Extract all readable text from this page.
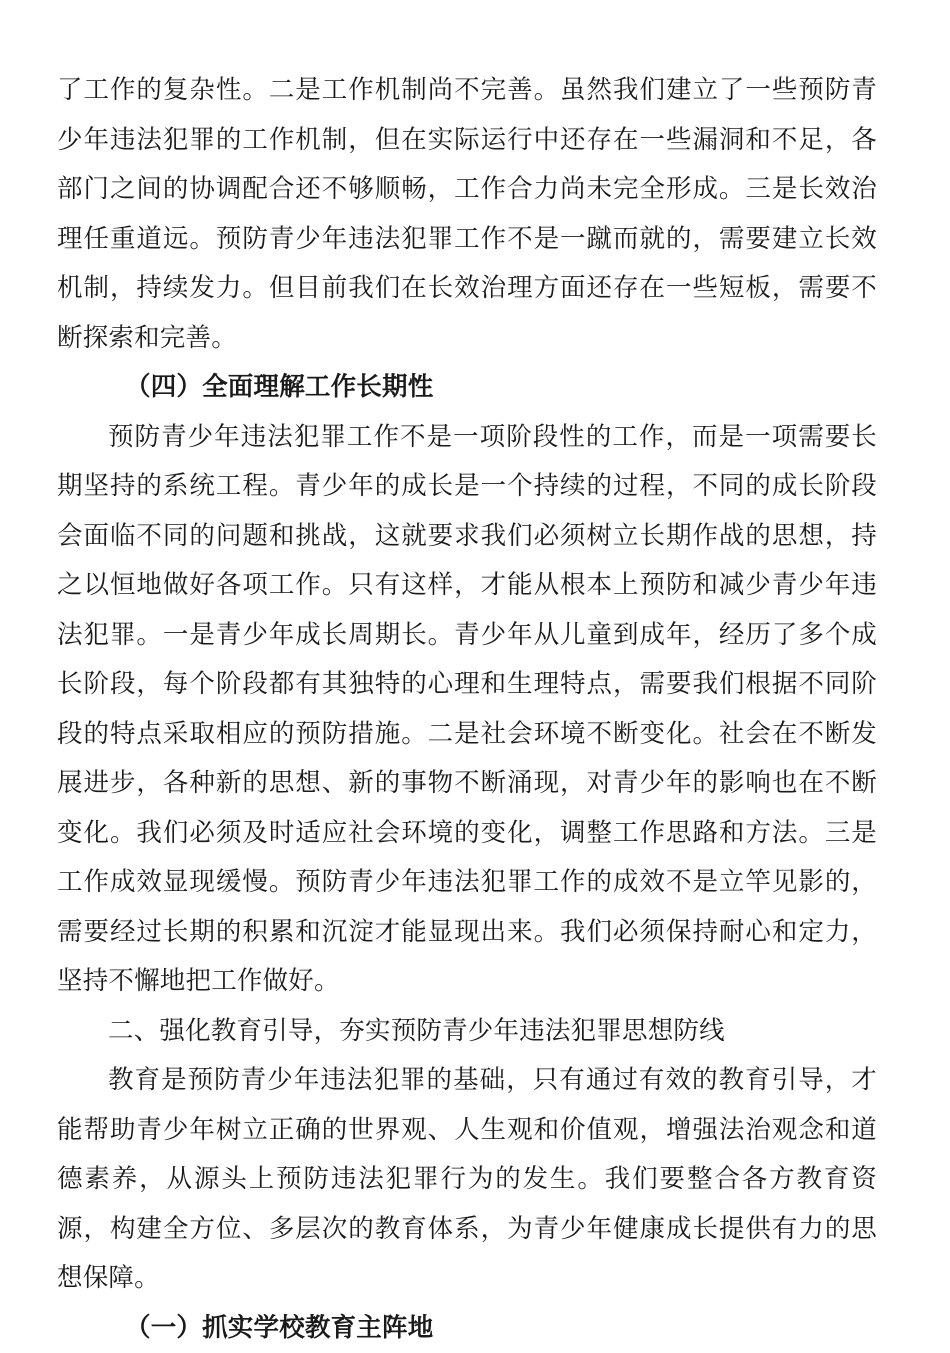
了工作的复杂性。二是工作机制尚不完善。虽然我们建立了一些预防青少年违法犯罪的工作机制，但在实际运行中还存在一些漏洞和不足，各部门之间的协调配合还不够顺畅，工作合力尚未完全形成。三是长效治理任重道远。预防青少年违法犯罪工作不是一蹴而就的，需要建立长效机制，持续发力。但目前我们在长效治理方面还存在一些短板，需要不断探索和完善。

（四）全面理解工作长期性

预防青少年违法犯罪工作不是一项阶段性的工作，而是一项需要长期坚持的系统工程。青少年的成长是一个持续的过程，不同的成长阶段会面临不同的问题和挑战，这就要求我们必须树立长期作战的思想，持之以恒地做好各项工作。只有这样，才能从根本上预防和减少青少年违法犯罪。一是青少年成长周期长。青少年从儿童到成年，经历了多个成长阶段，每个阶段都有其独特的心理和生理特点，需要我们根据不同阶段的特点采取相应的预防措施。二是社会环境不断变化。社会在不断发展进步，各种新的思想、新的事物不断涌现，对青少年的影响也在不断变化。我们必须及时适应社会环境的变化，调整工作思路和方法。三是工作成效显现缓慢。预防青少年违法犯罪工作的成效不是立竿见影的，需要经过长期的积累和沉淀才能显现出来。我们必须保持耐心和定力，坚持不懈地把工作做好。

二、强化教育引导，夯实预防青少年违法犯罪思想防线

教育是预防青少年违法犯罪的基础，只有通过有效的教育引导，才能帮助青少年树立正确的世界观、人生观和价值观，增强法治观念和道德素养，从源头上预防违法犯罪行为的发生。我们要整合各方教育资源，构建全方位、多层次的教育体系，为青少年健康成长提供有力的思想保障。

（一）抓实学校教育主阵地
